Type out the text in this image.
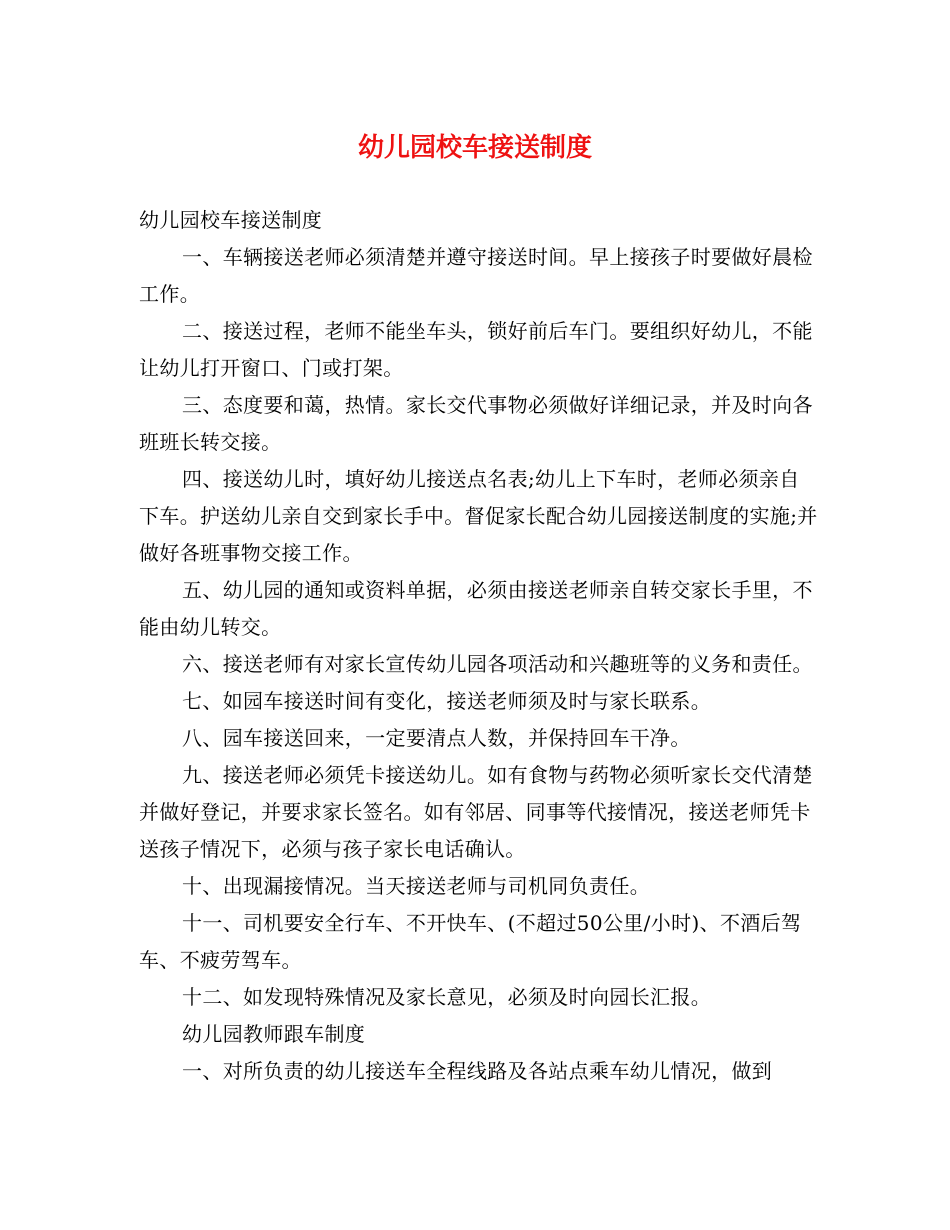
幼儿园校车接送制度

幼儿园校车接送制度

一、车辆接送老师必须清楚并遵守接送时间。早上接孩子时要做好晨检工作。

二、接送过程，老师不能坐车头，锁好前后车门。要组织好幼儿，不能让幼儿打开窗口、门或打架。

三、态度要和蔼，热情。家长交代事物必须做好详细记录，并及时向各班班长转交接。

四、接送幼儿时，填好幼儿接送点名表;幼儿上下车时，老师必须亲自下车。护送幼儿亲自交到家长手中。督促家长配合幼儿园接送制度的实施;并做好各班事物交接工作。

五、幼儿园的通知或资料单据，必须由接送老师亲自转交家长手里，不能由幼儿转交。

六、接送老师有对家长宣传幼儿园各项活动和兴趣班等的义务和责任。

七、如园车接送时间有变化，接送老师须及时与家长联系。

八、园车接送回来，一定要清点人数，并保持回车干净。

九、接送老师必须凭卡接送幼儿。如有食物与药物必须听家长交代清楚并做好登记，并要求家长签名。如有邻居、同事等代接情况，接送老师凭卡送孩子情况下，必须与孩子家长电话确认。

十、出现漏接情况。当天接送老师与司机同负责任。

十一、司机要安全行车、不开快车、(不超过50公里/小时)、不酒后驾车、不疲劳驾车。

十二、如发现特殊情况及家长意见，必须及时向园长汇报。

幼儿园教师跟车制度

一、对所负责的幼儿接送车全程线路及各站点乘车幼儿情况，做到
